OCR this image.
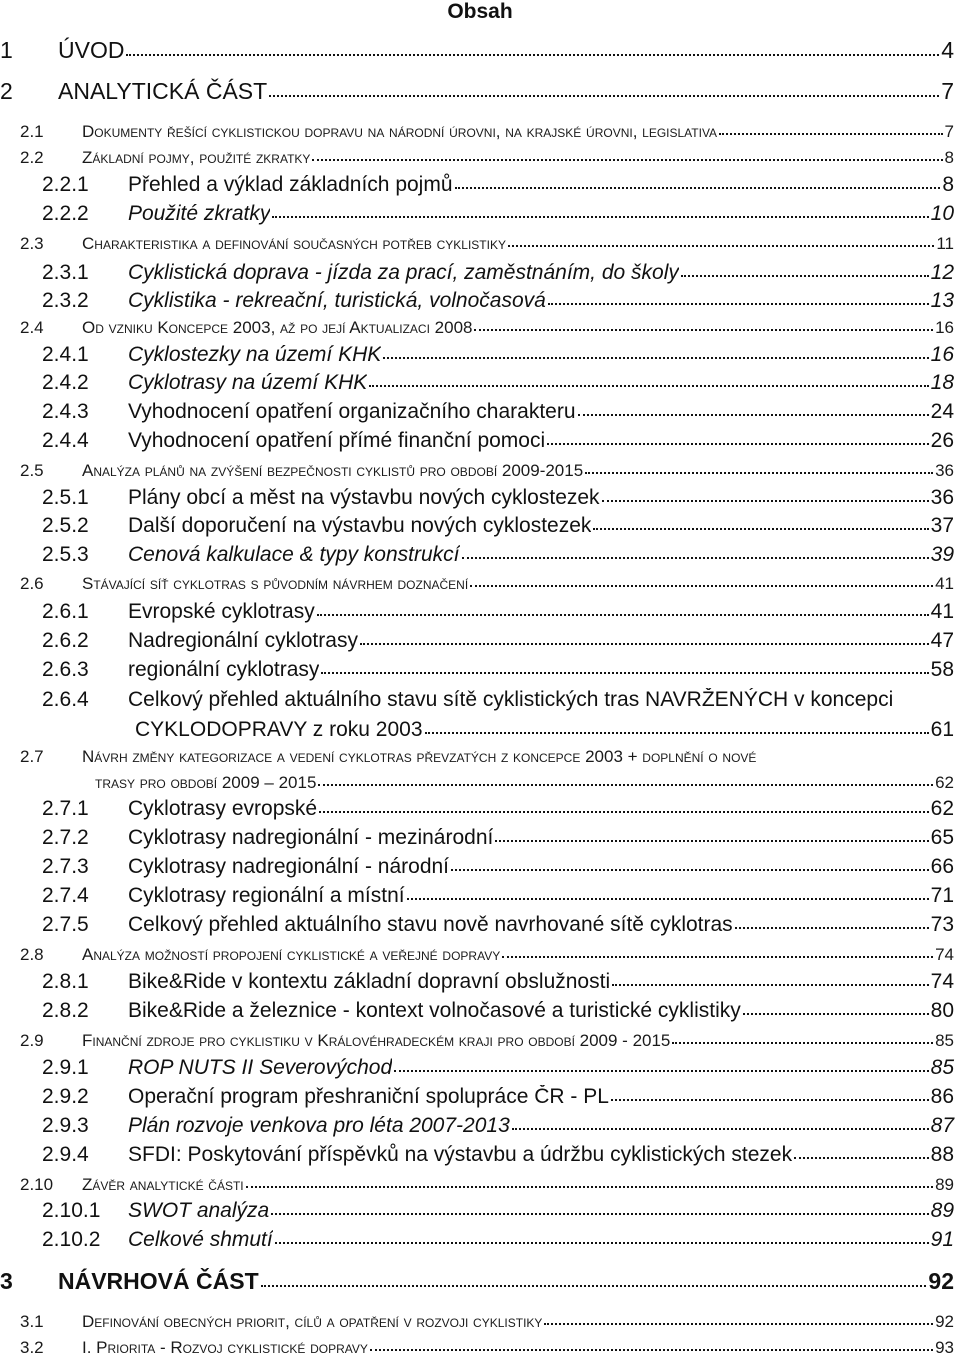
Obsah
1	ÚVOD	4
2	ANALYTICKÁ ČÁST	7
2.1	Dokumenty řešící cyklistickou dopravu na národní úrovni, na krajské úrovni, legislativa	7
2.2	Základní pojmy, použité zkratky	8
2.2.1	Přehled a výklad základních pojmů	8
2.2.2	Použité zkratky	10
2.3	Charakteristika a definování současných potřeb cyklistiky	11
2.3.1	Cyklistická doprava - jízda za prací, zaměstnáním, do školy	12
2.3.2	Cyklistika - rekreační, turistická, volnočasová	13
2.4	Od vzniku Koncepce 2003, až po její Aktualizaci 2008	16
2.4.1	Cyklostezky na území KHK	16
2.4.2	Cyklotrasy na území KHK	18
2.4.3	Vyhodnocení opatření organizačního charakteru	24
2.4.4	Vyhodnocení opatření přímé finanční pomoci	26
2.5	Analýza plánů na zvýšení bezpečnosti cyklistů pro období 2009-2015	36
2.5.1	Plány obcí a měst na výstavbu nových cyklostezek	36
2.5.2	Další doporučení na výstavbu nových cyklostezek	37
2.5.3	Cenová kalkulace & typy konstrukcí	39
2.6	Stávající síť cyklotras s původním návrhem doznačení	41
2.6.1	Evropské cyklotrasy	41
2.6.2	Nadregionální cyklotrasy	47
2.6.3	regionální cyklotrasy	58
2.6.4	Celkový přehled aktuálního stavu sítě cyklistických tras NAVRŽENÝCH v koncepci
CYKLODOPRAVY z roku 2003	61
2.7	Návrh změny kategorizace a vedení cyklotras převzatých z koncepce 2003 + doplnění o nové
trasy pro období 2009 – 2015	62
2.7.1	Cyklotrasy evropské	62
2.7.2	Cyklotrasy nadregionální - mezinárodní	65
2.7.3	Cyklotrasy nadregionální - národní	66
2.7.4	Cyklotrasy regionální a místní	71
2.7.5	Celkový přehled aktuálního stavu nově navrhované sítě cyklotras	73
2.8	Analýza možností propojení cyklistické a veřejné dopravy	74
2.8.1	Bike&Ride v kontextu základní dopravní obslužnosti	74
2.8.2	Bike&Ride a železnice - kontext volnočasové a turistické cyklistiky	80
2.9	Finanční zdroje pro cyklistiku v Královéhradeckém kraji pro období 2009 - 2015	85
2.9.1	ROP NUTS II Severovýchod	85
2.9.2	Operační program přeshraniční spolupráce ČR - PL	86
2.9.3	Plán rozvoje venkova pro léta 2007-2013	87
2.9.4	SFDI: Poskytování příspěvků na výstavbu a údržbu cyklistických stezek	88
2.10	Závěr analytické části	89
2.10.1	SWOT analýza	89
2.10.2	Celkové shmutí	91
3	NÁVRHOVÁ ČÁST	92
3.1	Definování obecných priorit, cílů a opatření v rozvoji cyklistiky	92
3.2	I. Priorita - Rozvoj cyklistické dopravy	93
